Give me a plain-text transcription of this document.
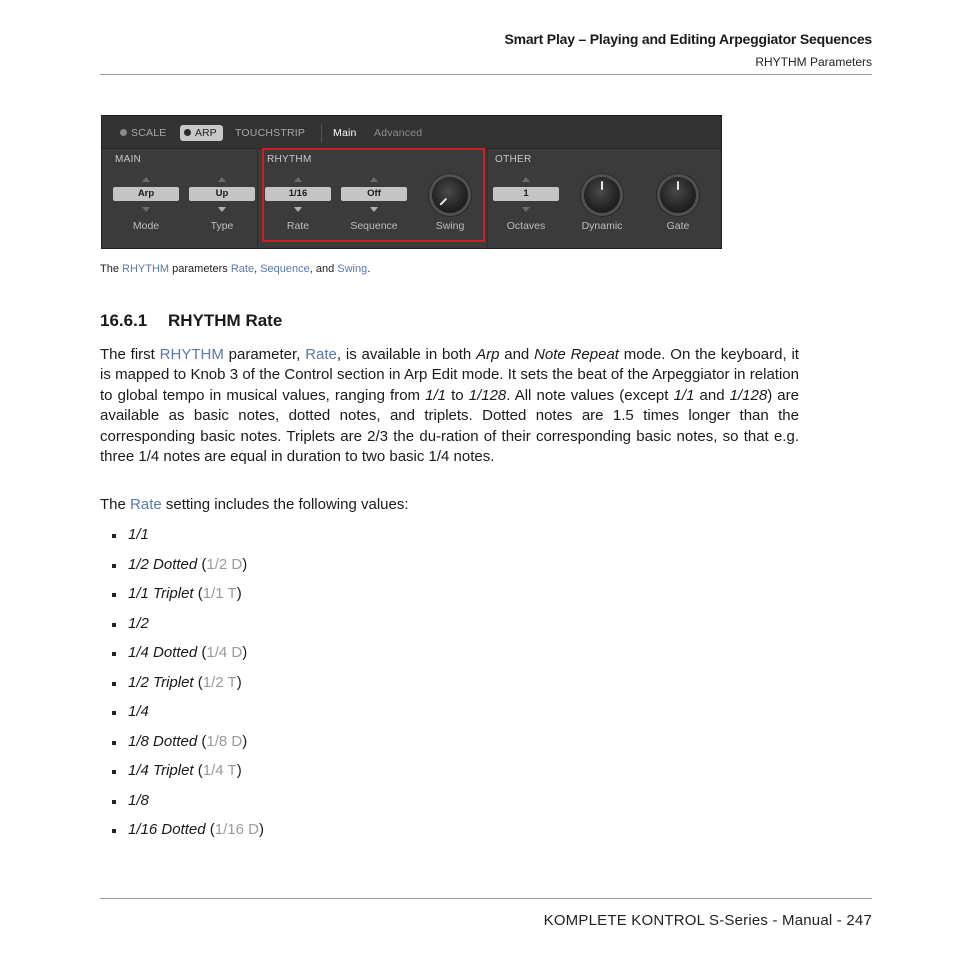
Smart Play – Playing and Editing Arpeggiator Sequences
RHYTHM Parameters
SCALE	ARP	TOUCHSTRIP	Main Advanced
MAIN	RHYTHM	OTHER
Arp
Mode
Up
Type
1/16
Rate
Off
Sequence	Swing
1
Octaves	Dynamic	Gate
The RHYTHM parameters Rate, Sequence, and Swing.
16.6.1 RHYTHM Rate

The first RHYTHM parameter, Rate, is available in both Arp and Note Repeat mode. On the keyboard, it is mapped to Knob 3 of the Control section in Arp Edit mode. It sets the beat of the Arpeggiator in relation to global tempo in musical values, ranging from 1/1 to 1/128. All note values (except 1/1 and 1/128) are available as basic notes, dotted notes, and triplets. Dotted notes are 1.5 times longer than the corresponding basic notes. Triplets are 2/3 the du-ration of their corresponding basic notes, so that e.g. three 1/4 notes are equal in duration to two basic 1/4 notes.

The Rate setting includes the following values:

1/1
1/2 Dotted (1/2 D)
1/1 Triplet (1/1 T)
1/2
1/4 Dotted (1/4 D)
1/2 Triplet (1/2 T)
1/4
1/8 Dotted (1/8 D)
1/4 Triplet (1/4 T)
1/8
1/16 Dotted (1/16 D)
KOMPLETE KONTROL S-Series - Manual - 247
